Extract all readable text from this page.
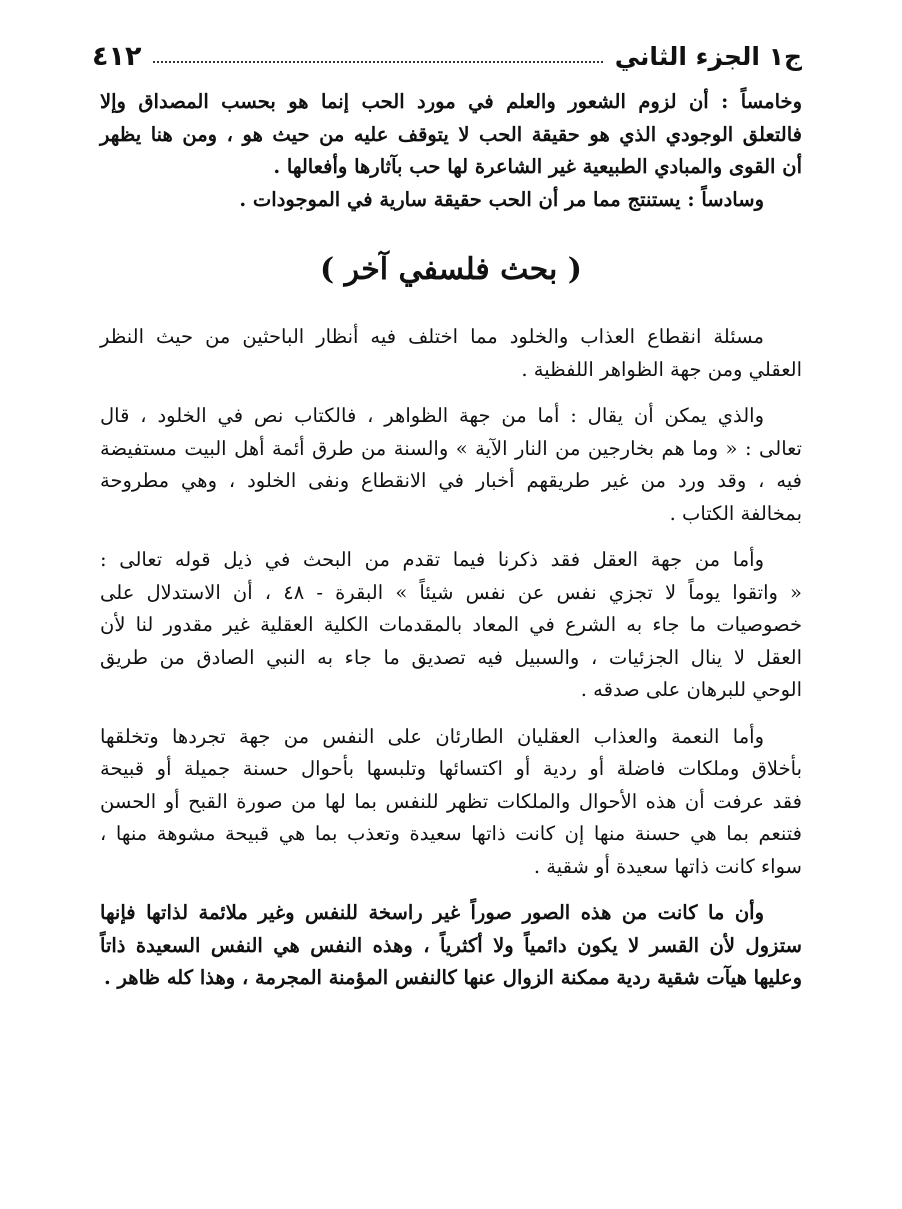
ج١ الجزء الثاني
٤١٢

وخامساً : أن لزوم الشعور والعلم في مورد الحب إنما هو بحسب المصداق وإلا
فالتعلق الوجودي الذي هو حقيقة الحب لا يتوقف عليه من حيث هو ، ومن هنا يظهر
أن القوى والمبادي الطبيعية غير الشاعرة لها حب بآثارها وأفعالها .

وسادساً : يستنتج مما مر أن الحب حقيقة سارية في الموجودات .

( بحث فلسفي آخر )

مسئلة انقطاع العذاب والخلود مما اختلف فيه أنظار الباحثين من حيث النظر
العقلي ومن جهة الظواهر اللفظية .

والذي يمكن أن يقال : أما من جهة الظواهر ، فالكتاب نص في الخلود ، قال
تعالى : « وما هم بخارجين من النار الآية » والسنة من طرق أئمة أهل البيت مستفيضة
فيه ، وقد ورد من غير طريقهم أخبار في الانقطاع ونفى الخلود ، وهي مطروحة
بمخالفة الكتاب .

وأما من جهة العقل فقد ذكرنا فيما تقدم من البحث في ذيل قوله تعالى :
« واتقوا يوماً لا تجزي نفس عن نفس شيئاً » البقرة - ٤٨ ، أن الاستدلال على
خصوصيات ما جاء به الشرع في المعاد بالمقدمات الكلية العقلية غير مقدور لنا لأن
العقل لا ينال الجزئيات ، والسبيل فيه تصديق ما جاء به النبي الصادق من طريق
الوحي للبرهان على صدقه .

وأما النعمة والعذاب العقليان الطارئان على النفس من جهة تجردها وتخلقها
بأخلاق وملكات فاضلة أو ردية أو اكتسائها وتلبسها بأحوال حسنة جميلة أو قبيحة
فقد عرفت أن هذه الأحوال والملكات تظهر للنفس بما لها من صورة القبح أو الحسن
فتنعم بما هي حسنة منها إن كانت ذاتها سعيدة وتعذب بما هي قبيحة مشوهة منها ،
سواء كانت ذاتها سعيدة أو شقية .

وأن ما كانت من هذه الصور صوراً غير راسخة للنفس وغير ملائمة لذاتها فإنها
ستزول لأن القسر لا يكون دائمياً ولا أكثرياً ، وهذه النفس هي النفس السعيدة ذاتاً
وعليها هيآت شقية ردية ممكنة الزوال عنها كالنفس المؤمنة المجرمة ، وهذا كله ظاهر .
